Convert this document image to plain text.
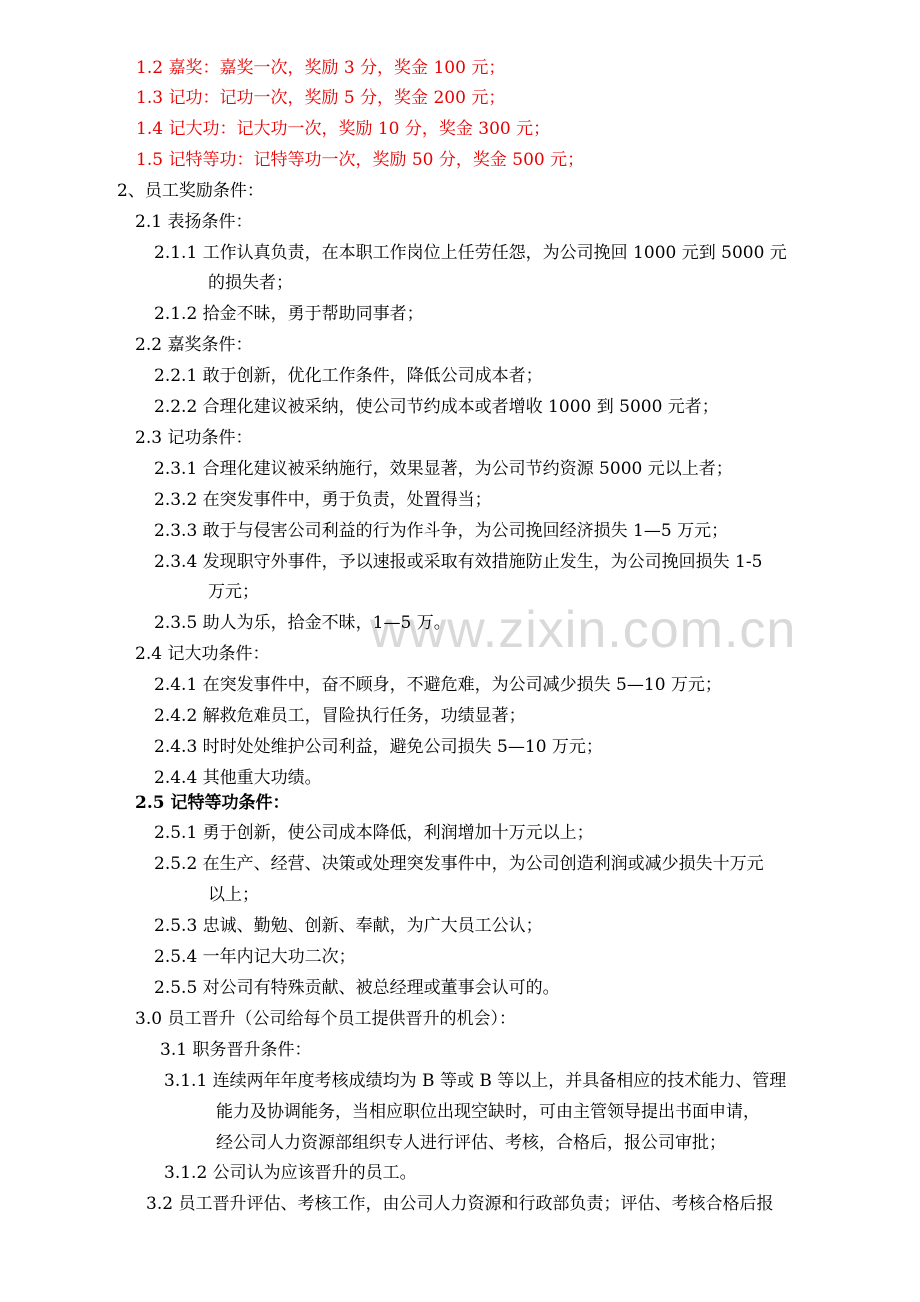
www.zixin.com.cn
1.2 嘉奖：嘉奖一次，奖励 3 分，奖金 100 元；
1.3 记功：记功一次，奖励 5 分，奖金 200 元；
1.4 记大功：记大功一次，奖励 10 分，奖金 300 元；
1.5 记特等功：记特等功一次，奖励 50 分，奖金 500 元；
2、员工奖励条件：
2.1 表扬条件：
2.1.1 工作认真负责，在本职工作岗位上任劳任怨，为公司挽回 1000 元到 5000 元
的损失者；
2.1.2 拾金不昧，勇于帮助同事者；
2.2 嘉奖条件：
2.2.1 敢于创新，优化工作条件，降低公司成本者；
2.2.2 合理化建议被采纳，使公司节约成本或者增收 1000 到 5000 元者；
2.3 记功条件：
2.3.1 合理化建议被采纳施行，效果显著，为公司节约资源 5000 元以上者；
2.3.2 在突发事件中，勇于负责，处置得当；
2.3.3 敢于与侵害公司利益的行为作斗争，为公司挽回经济损失 1—5 万元；
2.3.4 发现职守外事件，予以速报或采取有效措施防止发生，为公司挽回损失 1-5
万元；
2.3.5 助人为乐，拾金不昧，1—5 万。
2.4 记大功条件：
2.4.1 在突发事件中，奋不顾身，不避危难，为公司减少损失 5—10 万元；
2.4.2 解救危难员工，冒险执行任务，功绩显著；
2.4.3 时时处处维护公司利益，避免公司损失 5—10 万元；
2.4.4 其他重大功绩。
2.5 记特等功条件：
2.5.1 勇于创新，使公司成本降低，利润增加十万元以上；
2.5.2 在生产、经营、决策或处理突发事件中，为公司创造利润或减少损失十万元
以上；
2.5.3 忠诚、勤勉、创新、奉献，为广大员工公认；
2.5.4 一年内记大功二次；
2.5.5 对公司有特殊贡献、被总经理或董事会认可的。
3.0 员工晋升（公司给每个员工提供晋升的机会）：
3.1 职务晋升条件：
3.1.1 连续两年年度考核成绩均为 B 等或 B 等以上，并具备相应的技术能力、管理
能力及协调能务，当相应职位出现空缺时，可由主管领导提出书面申请，
经公司人力资源部组织专人进行评估、考核，合格后，报公司审批；
3.1.2 公司认为应该晋升的员工。
3.2 员工晋升评估、考核工作，由公司人力资源和行政部负责；评估、考核合格后报
